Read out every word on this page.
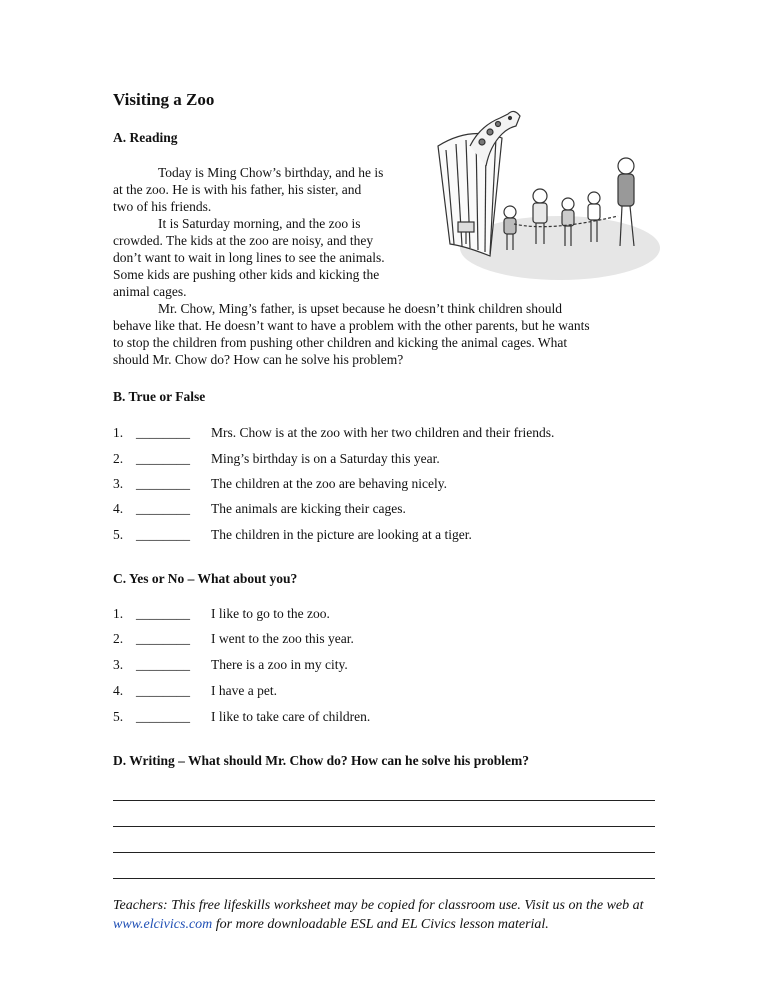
Visiting a Zoo
A. Reading
Today is Ming Chow’s birthday, and he is
at the zoo. He is with his father, his sister, and
two of his friends.
It is Saturday morning, and the zoo is
crowded. The kids at the zoo are noisy, and they
don’t want to wait in long lines to see the animals.
Some kids are pushing other kids and kicking the
animal cages.
Mr. Chow, Ming’s father, is upset because he doesn’t think children should
behave like that. He doesn’t want to have a problem with the other parents, but he wants
to stop the children from pushing other children and kicking the animal cages. What
should Mr. Chow do? How can he solve his problem?
B. True or False
1. ________ Mrs. Chow is at the zoo with her two children and their friends.
2. ________ Ming’s birthday is on a Saturday this year.
3. ________ The children at the zoo are behaving nicely.
4. ________ The animals are kicking their cages.
5. ________ The children in the picture are looking at a tiger.
C. Yes or No – What about you?
1. ________ I like to go to the zoo.
2. ________ I went to the zoo this year.
3. ________ There is a zoo in my city.
4. ________ I have a pet.
5. ________ I like to take care of children.
D. Writing – What should Mr. Chow do? How can he solve his problem?
Teachers: This free lifeskills worksheet may be copied for classroom use. Visit us on the web at www.elcivics.com for more downloadable ESL and EL Civics lesson material.
